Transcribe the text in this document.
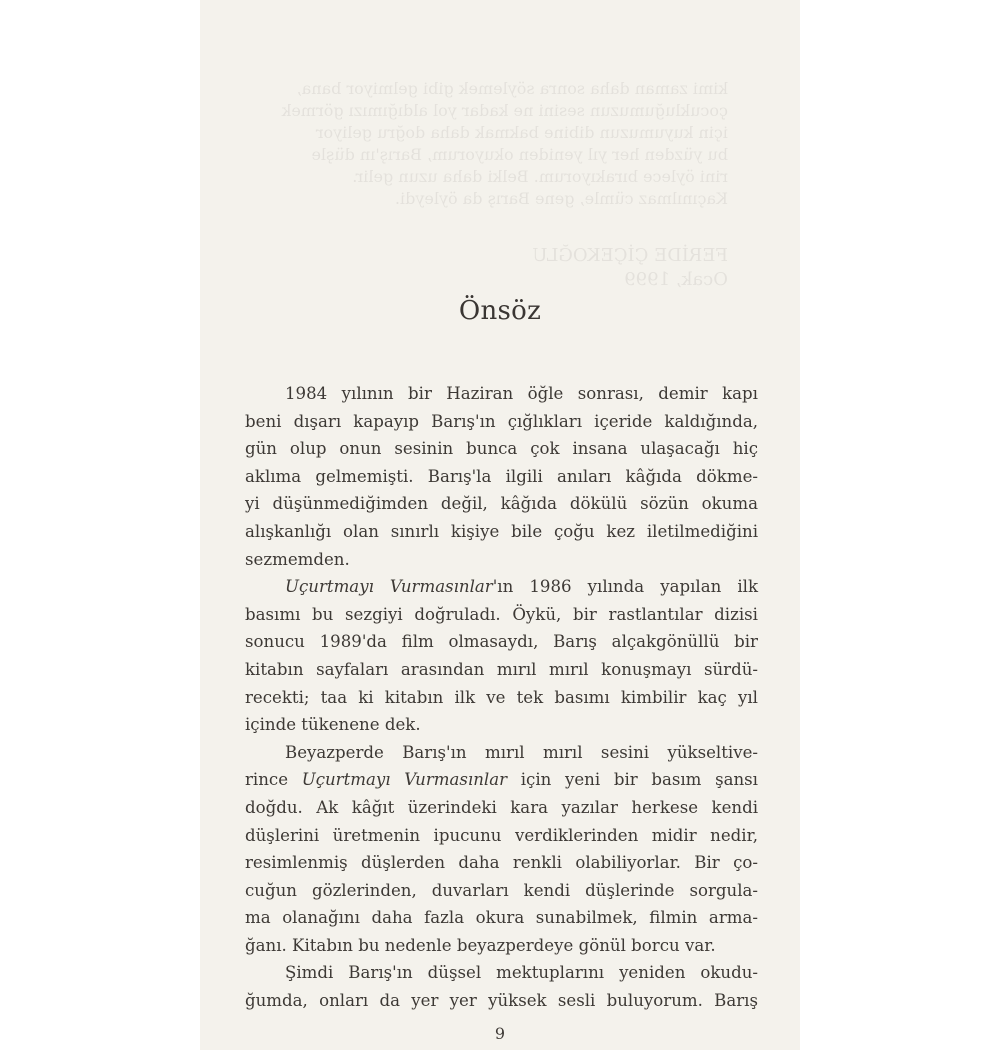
kimi zaman daha sonra söylemek gibi gelmiyor bana,
çocukluğumuzun sesini ne kadar yol aldığımızı görmek
için kuyumuzun dibine bakmak daha doğru geliyor
bu yüzden her yıl yeniden okuyorum, Barış'ın düşle
rini öylece bırakıyorum. Belki daha uzun gelir.
Kaçınılmaz cümle, gene Barış da öyleydi.
FERİDE ÇİÇEKOĞLU
Ocak, 1999
Önsöz
1984 yılının bir Haziran öğle sonrası, demir kapı
beni dışarı kapayıp Barış'ın çığlıkları içeride kaldığında,
gün olup onun sesinin bunca çok insana ulaşacağı hiç
aklıma gelmemişti. Barış'la ilgili anıları kâğıda dökme-
yi düşünmediğimden değil, kâğıda dökülü sözün okuma
alışkanlığı olan sınırlı kişiye bile çoğu kez iletilmediğini
sezmemden.
Uçurtmayı Vurmasınlar'ın 1986 yılında yapılan ilk
basımı bu sezgiyi doğruladı. Öykü, bir rastlantılar dizisi
sonucu 1989'da film olmasaydı, Barış alçakgönüllü bir
kitabın sayfaları arasından mırıl mırıl konuşmayı sürdü-
recekti; taa ki kitabın ilk ve tek basımı kimbilir kaç yıl
içinde tükenene dek.
Beyazperde Barış'ın mırıl mırıl sesini yükseltive-
rince Uçurtmayı Vurmasınlar için yeni bir basım şansı
doğdu. Ak kâğıt üzerindeki kara yazılar herkese kendi
düşlerini üretmenin ipucunu verdiklerinden midir nedir,
resimlenmiş düşlerden daha renkli olabiliyorlar. Bir ço-
cuğun gözlerinden, duvarları kendi düşlerinde sorgula-
ma olanağını daha fazla okura sunabilmek, filmin arma-
ğanı. Kitabın bu nedenle beyazperdeye gönül borcu var.
Şimdi Barış'ın düşsel mektuplarını yeniden okudu-
ğumda, onları da yer yer yüksek sesli buluyorum. Barış
9
